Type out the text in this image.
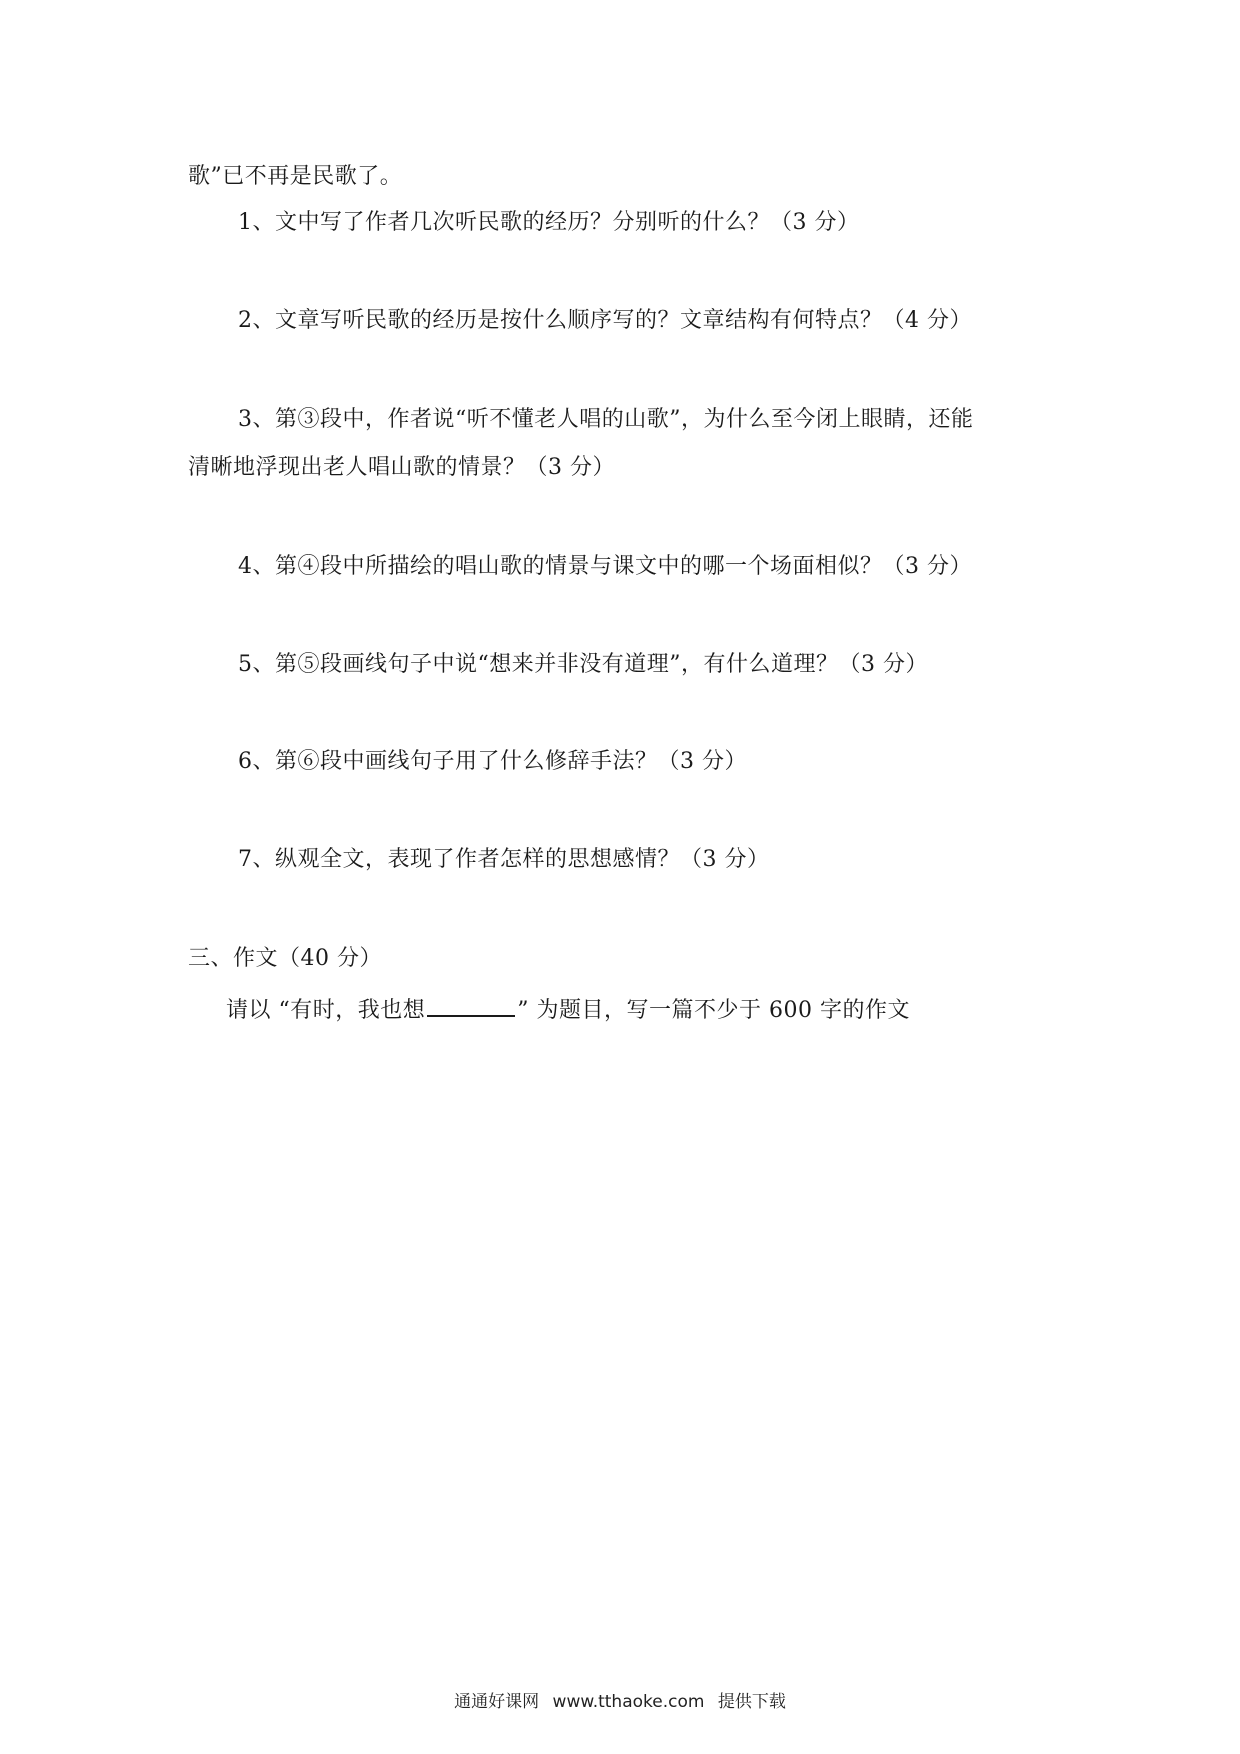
歌”已不再是民歌了。
1、文中写了作者几次听民歌的经历？分别听的什么？（3 分）
2、文章写听民歌的经历是按什么顺序写的？文章结构有何特点？（4 分）
3、第③段中，作者说“听不懂老人唱的山歌”，为什么至今闭上眼睛，还能
清晰地浮现出老人唱山歌的情景？（3 分）
4、第④段中所描绘的唱山歌的情景与课文中的哪一个场面相似？（3 分）
5、第⑤段画线句子中说“想来并非没有道理”，有什么道理？（3 分）
6、第⑥段中画线句子用了什么修辞手法？（3 分）
7、纵观全文，表现了作者怎样的思想感情？（3 分）
三、作文（40 分）
请以 “有时，我也想	” 为题目，写一篇不少于 600 字的作文
通通好课网 www.tthaoke.com 提供下载
